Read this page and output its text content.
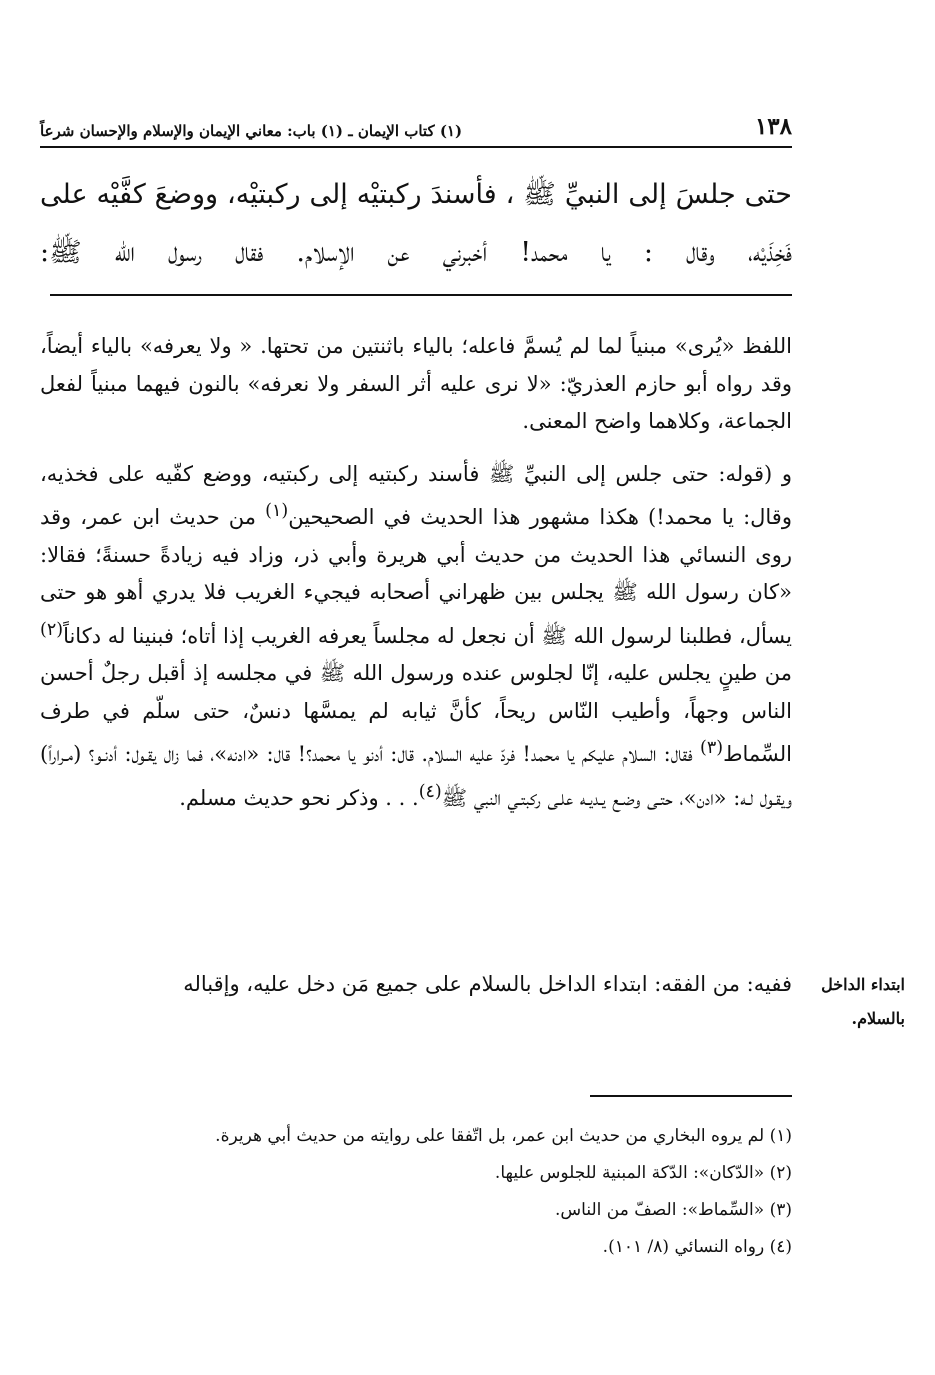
١٣٨
(١) كتاب الإيمان ـ (١) باب: معاني الإيمان والإسلام والإحسان شرعاً

حتى جلسَ إلى النبيِّ ﷺ ، فأسندَ ركبتيْه إلى ركبتيْه، ووضعَ كفَّيْه على

فَخِذَيْه، وقال : يا محمد! أخبرني عن الإسلام. فقال رسول الله ﷺ:

اللفظ «يُرى» مبنياً لما لم يُسمَّ فاعله؛ بالياء باثنتين من تحتها. « ولا يعرفه» بالياء أيضاً، وقد رواه أبو حازم العذريّ: «لا نرى عليه أثر السفر ولا نعرفه» بالنون فيهما مبنياً لفعل الجماعة، وكلاهما واضح المعنى.

و (قوله: حتى جلس إلى النبيِّ ﷺ فأسند ركبتيه إلى ركبتيه، ووضع كفّيه على فخذيه، وقال: يا محمد!) هكذا مشهور هذا الحديث في الصحيحين$^{(١)}$ من حديث ابن عمر، وقد روى النسائي هذا الحديث من حديث أبي هريرة وأبي ذر، وزاد فيه زيادةً حسنةً؛ فقالا: «كان رسول الله ﷺ يجلس بين ظهراني أصحابه فيجيء الغريب فلا يدري أهو هو حتى يسأل، فطلبنا لرسول الله ﷺ أن نجعل له مجلساً يعرفه الغريب إذا أتاه؛ فبنينا له دكاناً$^{(٢)}$ من طينٍ يجلس عليه، إنّا لجلوس عنده ورسول الله ﷺ في مجلسه إذ أقبل رجلٌ أحسن الناس وجهاً، وأطيب النّاس ريحاً، كأنَّ ثيابه لم يمسَّها دنسٌ، حتى سلّم في طرف السِّماط$^{(٣)}$ فقال: السلام عليكم يا محمد! فردّ عليه السلام. قال: أدنو يا محمد؟! قال: «ادنه»، فما زال يقـول: أدنـو؟ (مـراراً) ويقـول لـه: «ادن»، حتـى وضـع يـديـه علـى ركبتـي النبي ﷺ$^{(٤)}$. . . وذكر نحو حديث مسلم.

ابتداء الداخل بالسلام.

ففيه: من الفقه: ابتداء الداخل بالسلام على جميع مَن دخل عليه، وإقباله

(١) لم يروه البخاري من حديث ابن عمر، بل اتّفقا على روايته من حديث أبي هريرة.

(٢) «الدّكان»: الدّكة المبنية للجلوس عليها.

(٣) «السِّماط»: الصفّ من الناس.

(٤) رواه النسائي (٨/ ١٠١).
